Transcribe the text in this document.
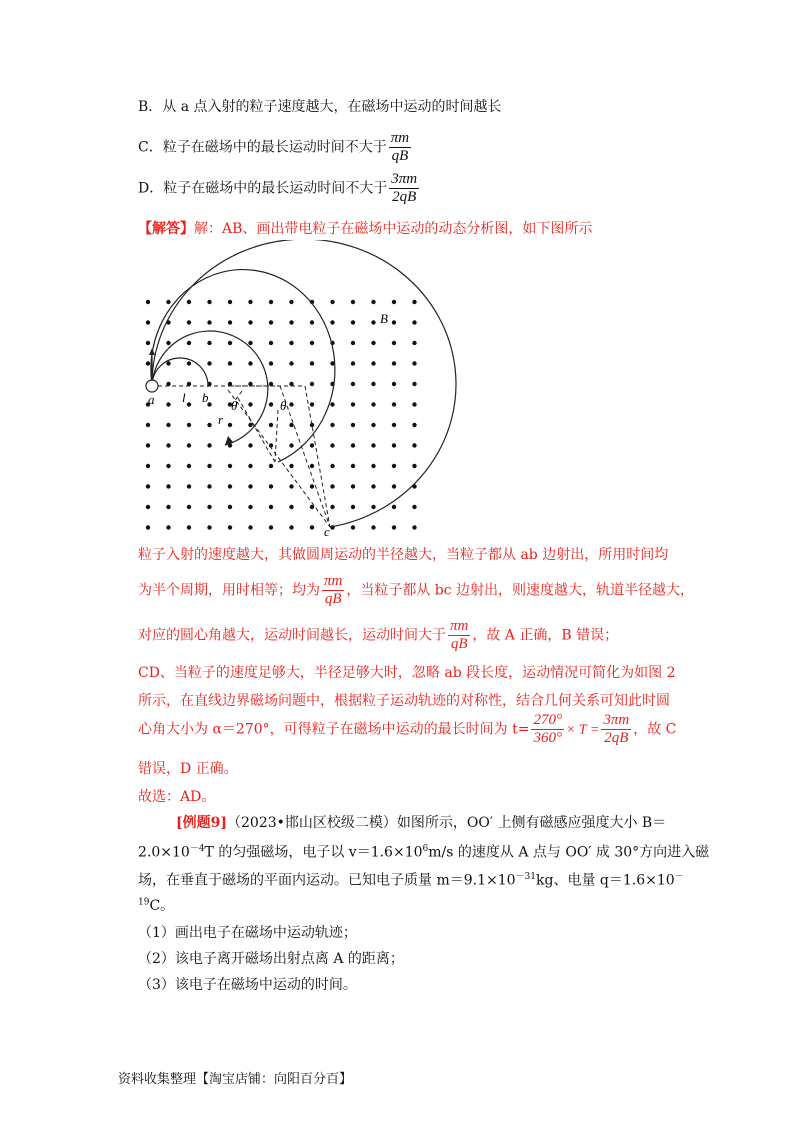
B．从 a 点入射的粒子速度越大，在磁场中运动的时间越长
C．粒子在磁场中的最长运动时间不大于 $\frac{\pi m}{qB}$
D．粒子在磁场中的最长运动时间不大于 $\frac{3\pi m}{2qB}$
【解答】解：AB、画出带电粒子在磁场中运动的动态分析图，如下图所示
a l b
θ	θ
r
c
B
粒子入射的速度越大，其做圆周运动的半径越大，当粒子都从 ab 边射出，所用时间均
为半个周期，用时相等；均为 $\frac{\pi m}{qB}$ ，当粒子都从 bc 边射出，则速度越大，轨道半径越大，
对应的圆心角越大，运动时间越长，运动时间大于 $\frac{\pi m}{qB}$ ，故 A 正确，B 错误；
CD、当粒子的速度足够大，半径足够大时，忽略 ab 段长度，运动情况可简化为如图 2
所示，在直线边界磁场问题中，根据粒子运动轨迹的对称性，结合几何关系可知此时圆
心角大小为 α＝270°，可得粒子在磁场中运动的最长时间为 $t= \frac{270^\circ}{360^\circ} \times T = \frac{3\pi m}{2qB}$ ，故 C
错误，D 正确。
故选：AD。
[例题9]（2023•邯山区校级二模）如图所示，OO′ 上侧有磁感应强度大小 B＝
$2.0\times 10^{-4}T$ 的匀强磁场，电子以 $v=1.6\times 10^6m/s$ 的速度从 A 点与 OO′ 成 30°方向进入磁
场，在垂直于磁场的平面内运动。已知电子质量 $m=9.1\times 10^{-31}kg$、电量 q＝1.6×10－
$^{19}$C。
（1）画出电子在磁场中运动轨迹；
（2）该电子离开磁场出射点离 A 的距离；
（3）该电子在磁场中运动的时间。
资料收集整理【淘宝店铺：向阳百分百】
